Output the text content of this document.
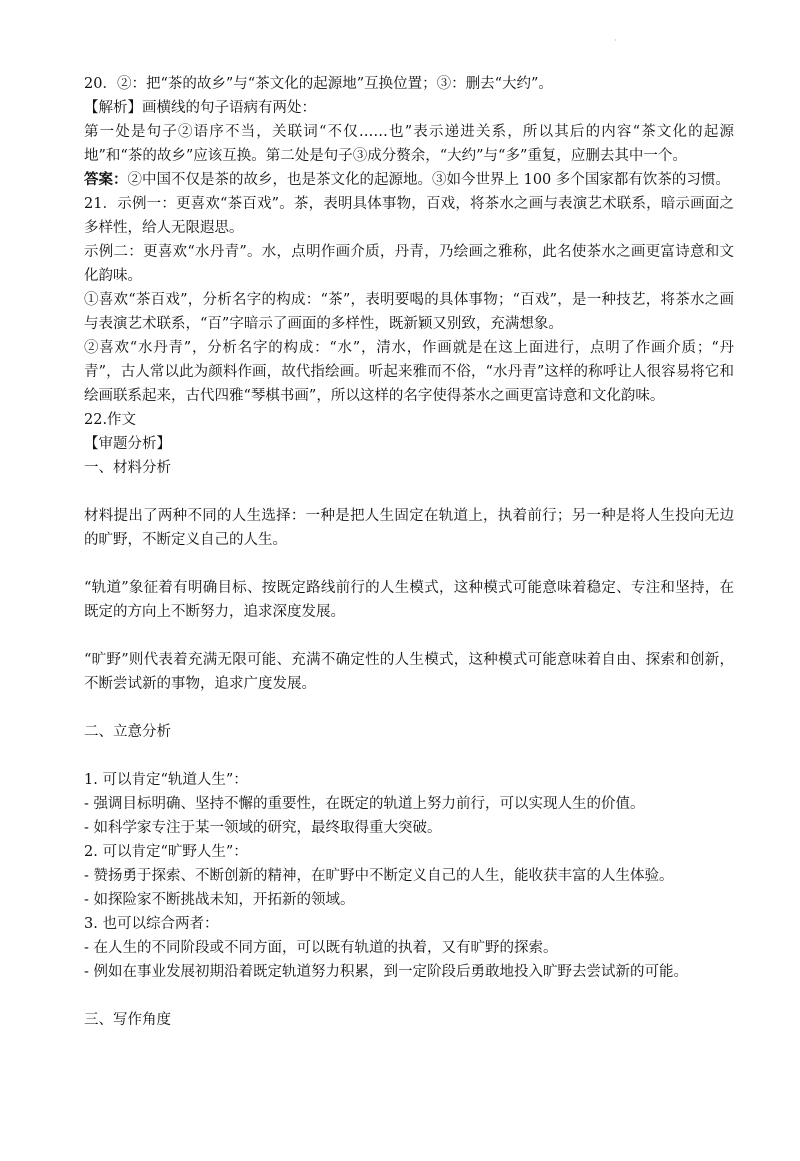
·
20．②：把“茶的故乡”与“茶文化的起源地”互换位置；③：删去“大约”。
【解析】画横线的句子语病有两处：
第一处是句子②语序不当，关联词“不仅……也”表示递进关系，所以其后的内容“茶文化的起源地”和“茶的故乡”应该互换。第二处是句子③成分赘余，“大约”与“多”重复，应删去其中一个。
答案：②中国不仅是茶的故乡，也是茶文化的起源地。③如今世界上 100 多个国家都有饮茶的习惯。
21．示例一：更喜欢“茶百戏”。茶，表明具体事物，百戏，将茶水之画与表演艺术联系，暗示画面之多样性，给人无限遐思。
示例二：更喜欢“水丹青”。水，点明作画介质，丹青，乃绘画之雅称，此名使茶水之画更富诗意和文化韵味。
①喜欢“茶百戏”，分析名字的构成：“茶”，表明要喝的具体事物；“百戏”，是一种技艺，将茶水之画与表演艺术联系，“百”字暗示了画面的多样性，既新颖又别致，充满想象。
②喜欢“水丹青”，分析名字的构成：“水”，清水，作画就是在这上面进行，点明了作画介质；“丹青”，古人常以此为颜料作画，故代指绘画。听起来雅而不俗，“水丹青”这样的称呼让人很容易将它和绘画联系起来，古代四雅“琴棋书画”，所以这样的名字使得茶水之画更富诗意和文化韵味。
22.作文
【审题分析】
一、材料分析
材料提出了两种不同的人生选择：一种是把人生固定在轨道上，执着前行；另一种是将人生投向无边的旷野，不断定义自己的人生。
“轨道”象征着有明确目标、按既定路线前行的人生模式，这种模式可能意味着稳定、专注和坚持，在既定的方向上不断努力，追求深度发展。
“旷野”则代表着充满无限可能、充满不确定性的人生模式，这种模式可能意味着自由、探索和创新，不断尝试新的事物，追求广度发展。
二、立意分析
1. 可以肯定“轨道人生”：
- 强调目标明确、坚持不懈的重要性，在既定的轨道上努力前行，可以实现人生的价值。
- 如科学家专注于某一领域的研究，最终取得重大突破。
2. 可以肯定“旷野人生”：
- 赞扬勇于探索、不断创新的精神，在旷野中不断定义自己的人生，能收获丰富的人生体验。
- 如探险家不断挑战未知，开拓新的领域。
3. 也可以综合两者：
- 在人生的不同阶段或不同方面，可以既有轨道的执着，又有旷野的探索。
- 例如在事业发展初期沿着既定轨道努力积累，到一定阶段后勇敢地投入旷野去尝试新的可能。
三、写作角度
